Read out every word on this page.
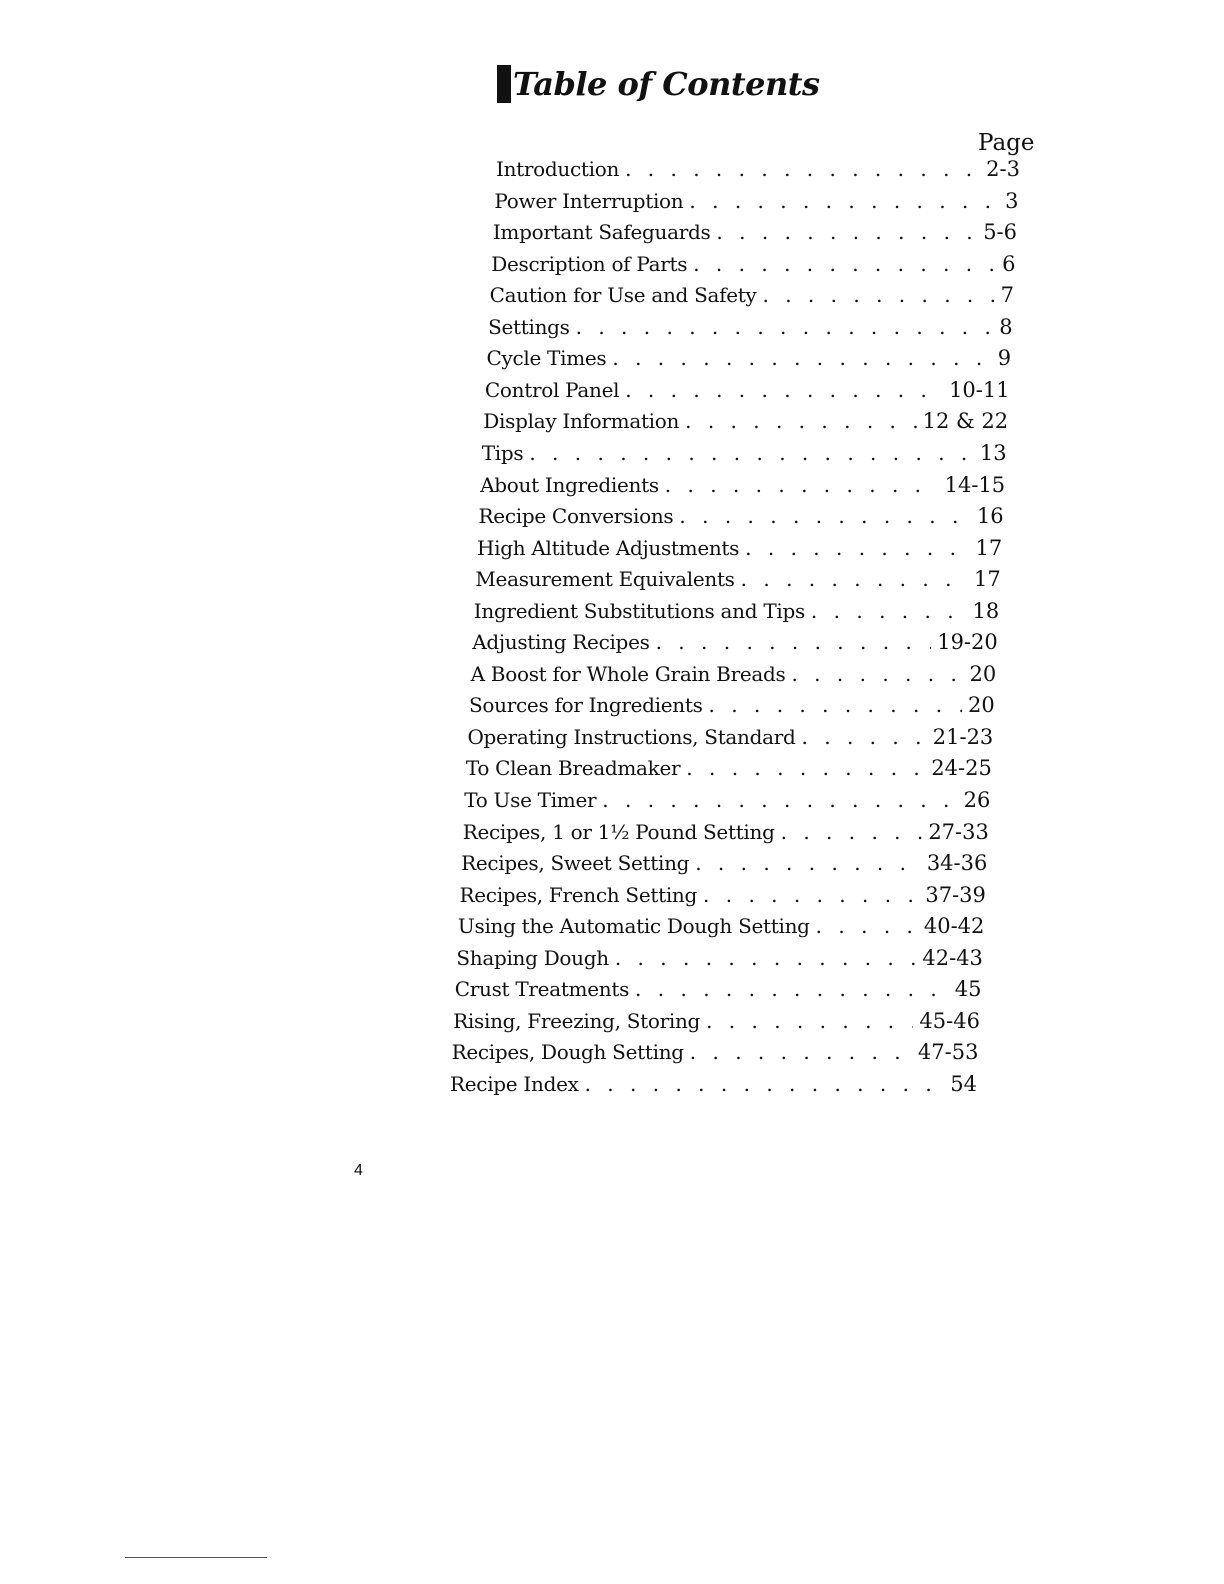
Table of Contents
Page
Introduction . . .	2-3
Power Interruption . . .	3
Important Safeguards . . .	5-6
Description of Parts . . .	6
Caution for Use and Safety . . .	7
Settings . . .	8
Cycle Times . . .	9
Control Panel . . .	10-11
Display Information . . .	12 & 22
Tips . . .	13
About Ingredients . . .	14-15
Recipe Conversions . . .	16
High Altitude Adjustments . . .	17
Measurement Equivalents . . .	17
Ingredient Substitutions and Tips . . .	18
Adjusting Recipes . . .	19-20
A Boost for Whole Grain Breads . . .	20
Sources for Ingredients . . .	20
Operating Instructions, Standard . . .	21-23
To Clean Breadmaker . . .	24-25
To Use Timer . . .	26
Recipes, 1 or 1½ Pound Setting . . .	27-33
Recipes, Sweet Setting . . .	34-36
Recipes, French Setting . . .	37-39
Using the Automatic Dough Setting . . .	40-42
Shaping Dough . . .	42-43
Crust Treatments . . .	45
Rising, Freezing, Storing . . .	45-46
Recipes, Dough Setting . . .	47-53
Recipe Index . . .	54
4
